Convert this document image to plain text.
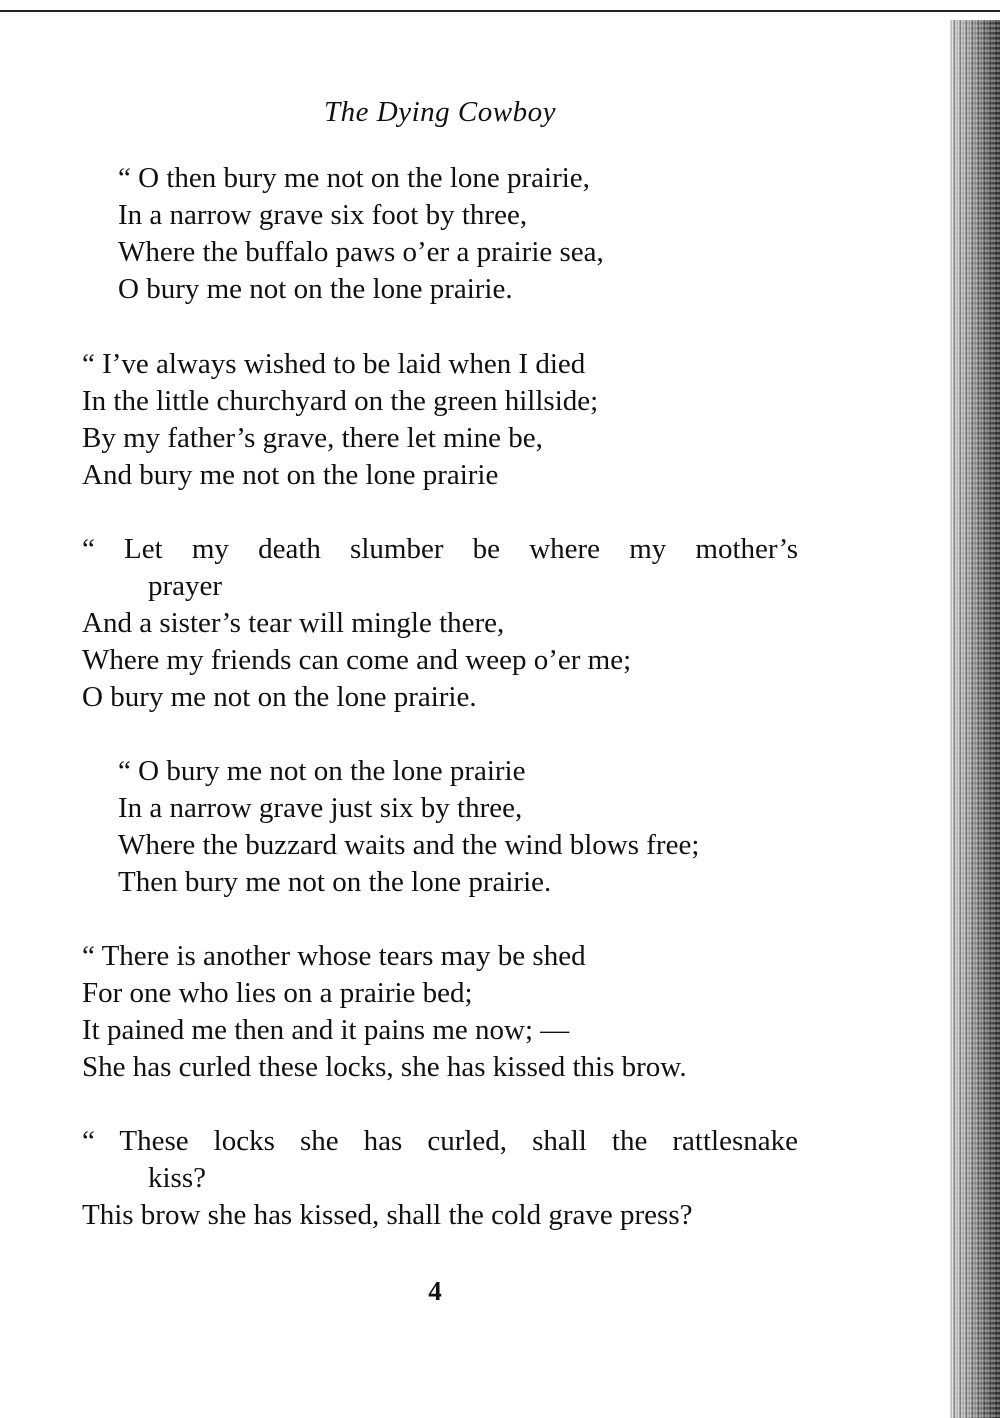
The Dying Cowboy
“ O then bury me not on the lone prairie,
In a narrow grave six foot by three,
Where the buffalo paws o’er a prairie sea,
O bury me not on the lone prairie.
“ I’ve always wished to be laid when I died
In the little churchyard on the green hillside;
By my father’s grave, there let mine be,
And bury me not on the lone prairie
“ Let my death slumber be where my mother’s
prayer
And a sister’s tear will mingle there,
Where my friends can come and weep o’er me;
O bury me not on the lone prairie.
“ O bury me not on the lone prairie
In a narrow grave just six by three,
Where the buzzard waits and the wind blows free;
Then bury me not on the lone prairie.
“ There is another whose tears may be shed
For one who lies on a prairie bed;
It pained me then and it pains me now; —
She has curled these locks, she has kissed this brow.
“ These locks she has curled, shall the rattlesnake
kiss?
This brow she has kissed, shall the cold grave press?
4
